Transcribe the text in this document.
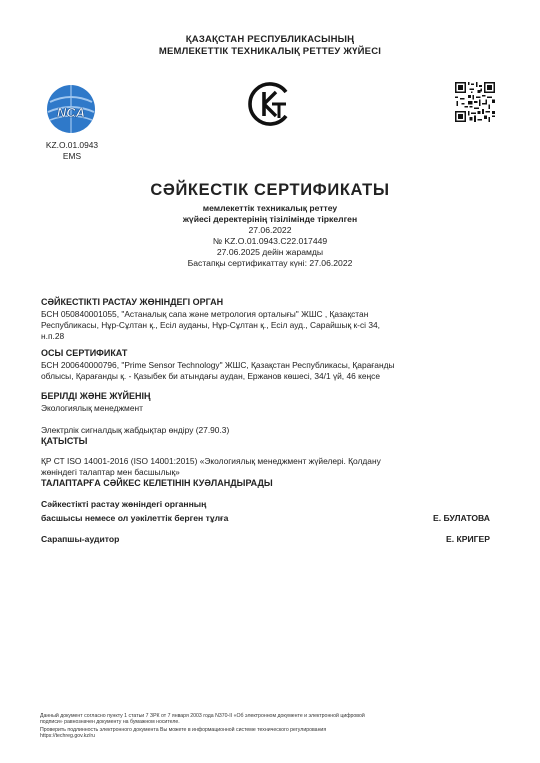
ҚАЗАҚСТАН РЕСПУБЛИКАСЫНЫҢ
МЕМЛЕКЕТТІК ТЕХНИКАЛЫҚ РЕТТЕУ ЖҮЙЕСІ
NCA
KZ.O.01.0943
EMS
СӘЙКЕСТІК СЕРТИФИКАТЫ
мемлекеттік техникалық реттеу
жүйесі деректерінің тізілімінде тіркелген
27.06.2022
№ KZ.O.01.0943.C22.017449
27.06.2025 дейін жарамды
Бастапқы сертификаттау күні: 27.06.2022
СӘЙКЕСТІКТІ РАСТАУ ЖӨНІНДЕГІ ОРГАН
БСН 050840001055, "Астаналық сапа және метрология орталығы" ЖШС , Қазақстан
Республикасы, Нұр-Сұлтан қ., Есіл ауданы, Нұр-Сұлтан қ., Есіл ауд., Сарайшық к-сі 34,
н.п.28
ОСЫ СЕРТИФИКАТ
БСН 200640000796, "Prime Sensor Technology" ЖШС, Қазақстан Республикасы, Қарағанды
облысы, Қарағанды қ. - Қазыбек би атындағы аудан, Ержанов көшесі, 34/1 үй, 46 кеңсе
БЕРІЛДІ ЖӘНЕ ЖҮЙЕНІҢ
Экологиялық менеджмент
Электрлік сигналдық жабдықтар өндіру (27.90.3)
ҚАТЫСТЫ
ҚР СТ ISO 14001-2016 (ISO 14001:2015) «Экологиялық менеджмент жүйелері. Қолдану
жөніндегі талаптар мен басшылық»
ТАЛАПТАРҒА СӘЙКЕС КЕЛЕТІНІН КУӘЛАНДЫРАДЫ
Сәйкестікті растау жөніндегі органның
басшысы немесе ол уәкілеттік берген тұлға	Е. БУЛАТОВА
Сарапшы-аудитор	Е. КРИГЕР
Данный документ согласно пункту 1 статьи 7 ЗРК от 7 января 2003 года N370-II «Об электронном документе и электронной цифровой
подписи» равнозначен документу на бумажном носителе.
Проверить подлинность электронного документа Вы можете в информационной системе технического регулирования
https://techreg.gov.kz/ru
